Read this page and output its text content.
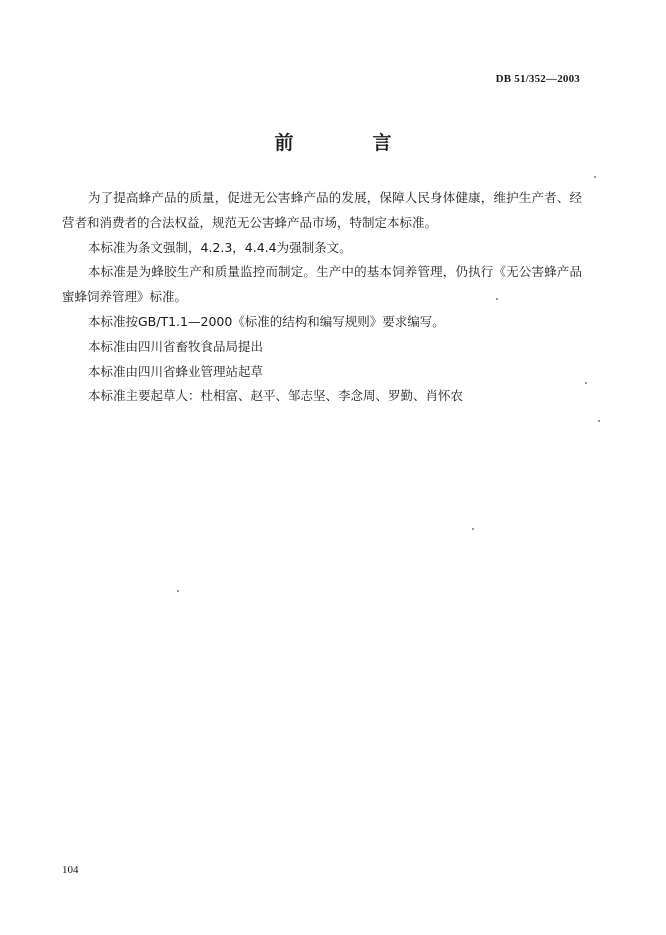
DB 51/352—2003
前　言

为了提高蜂产品的质量，促进无公害蜂产品的发展，保障人民身体健康，维护生产者、经营者和消费者的合法权益，规范无公害蜂产品市场，特制定本标准。

本标准为条文强制，4.2.3，4.4.4为强制条文。

本标准是为蜂胶生产和质量监控而制定。生产中的基本饲养管理，仍执行《无公害蜂产品 蜜蜂饲养管理》标准。

本标准按GB/T1.1—2000《标准的结构和编写规则》要求编写。

本标准由四川省畜牧食品局提出

本标准由四川省蜂业管理站起草

本标准主要起草人：杜相富、赵平、邹志坚、李念周、罗勤、肖怀农

104
